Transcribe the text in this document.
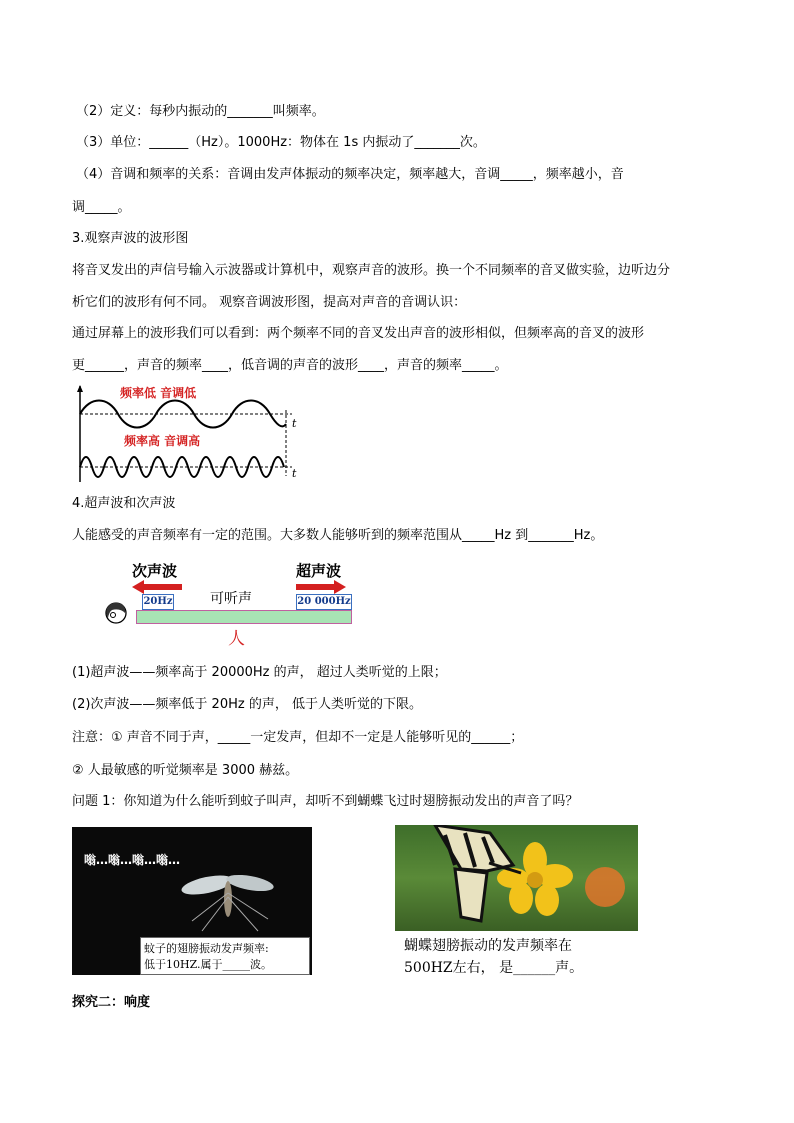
（2）定义：每秒内振动的_______叫频率。
（3）单位：______（Hz）。1000Hz：物体在 1s 内振动了_______次。
（4）音调和频率的关系：音调由发声体振动的频率决定，频率越大，音调_____，频率越小，音
调_____。
3.观察声波的波形图
将音叉发出的声信号输入示波器或计算机中，观察声音的波形。换一个不同频率的音叉做实验，边听边分
析它们的波形有何不同。 观察音调波形图，提高对声音的音调认识：
通过屏幕上的波形我们可以看到：两个频率不同的音叉发出声音的波形相似，但频率高的音叉的波形
更______，声音的频率____，低音调的声音的波形____，声音的频率_____。
频率低 音调低
频率高 音调高
t
t
4.超声波和次声波
人能感受的声音频率有一定的范围。大多数人能够听到的频率范围从_____Hz 到_______Hz。
次声波	超声波
20Hz	可听声	20 000Hz
人
(1)超声波——频率高于 20000Hz 的声， 超过人类听觉的上限；
(2)次声波——频率低于 20Hz 的声， 低于人类听觉的下限。
注意：① 声音不同于声，_____一定发声，但却不一定是人能够听见的______；
② 人最敏感的听觉频率是 3000 赫兹。
问题 1：你知道为什么能听到蚊子叫声，却听不到蝴蝶飞过时翅膀振动发出的声音了吗？
嗡…嗡…嗡…嗡…
蚊子的翅膀振动发声频率:
低于10HZ.属于_____波。
蝴蝶翅膀振动的发声频率在
500HZ左右， 是______声。
探究二：响度
